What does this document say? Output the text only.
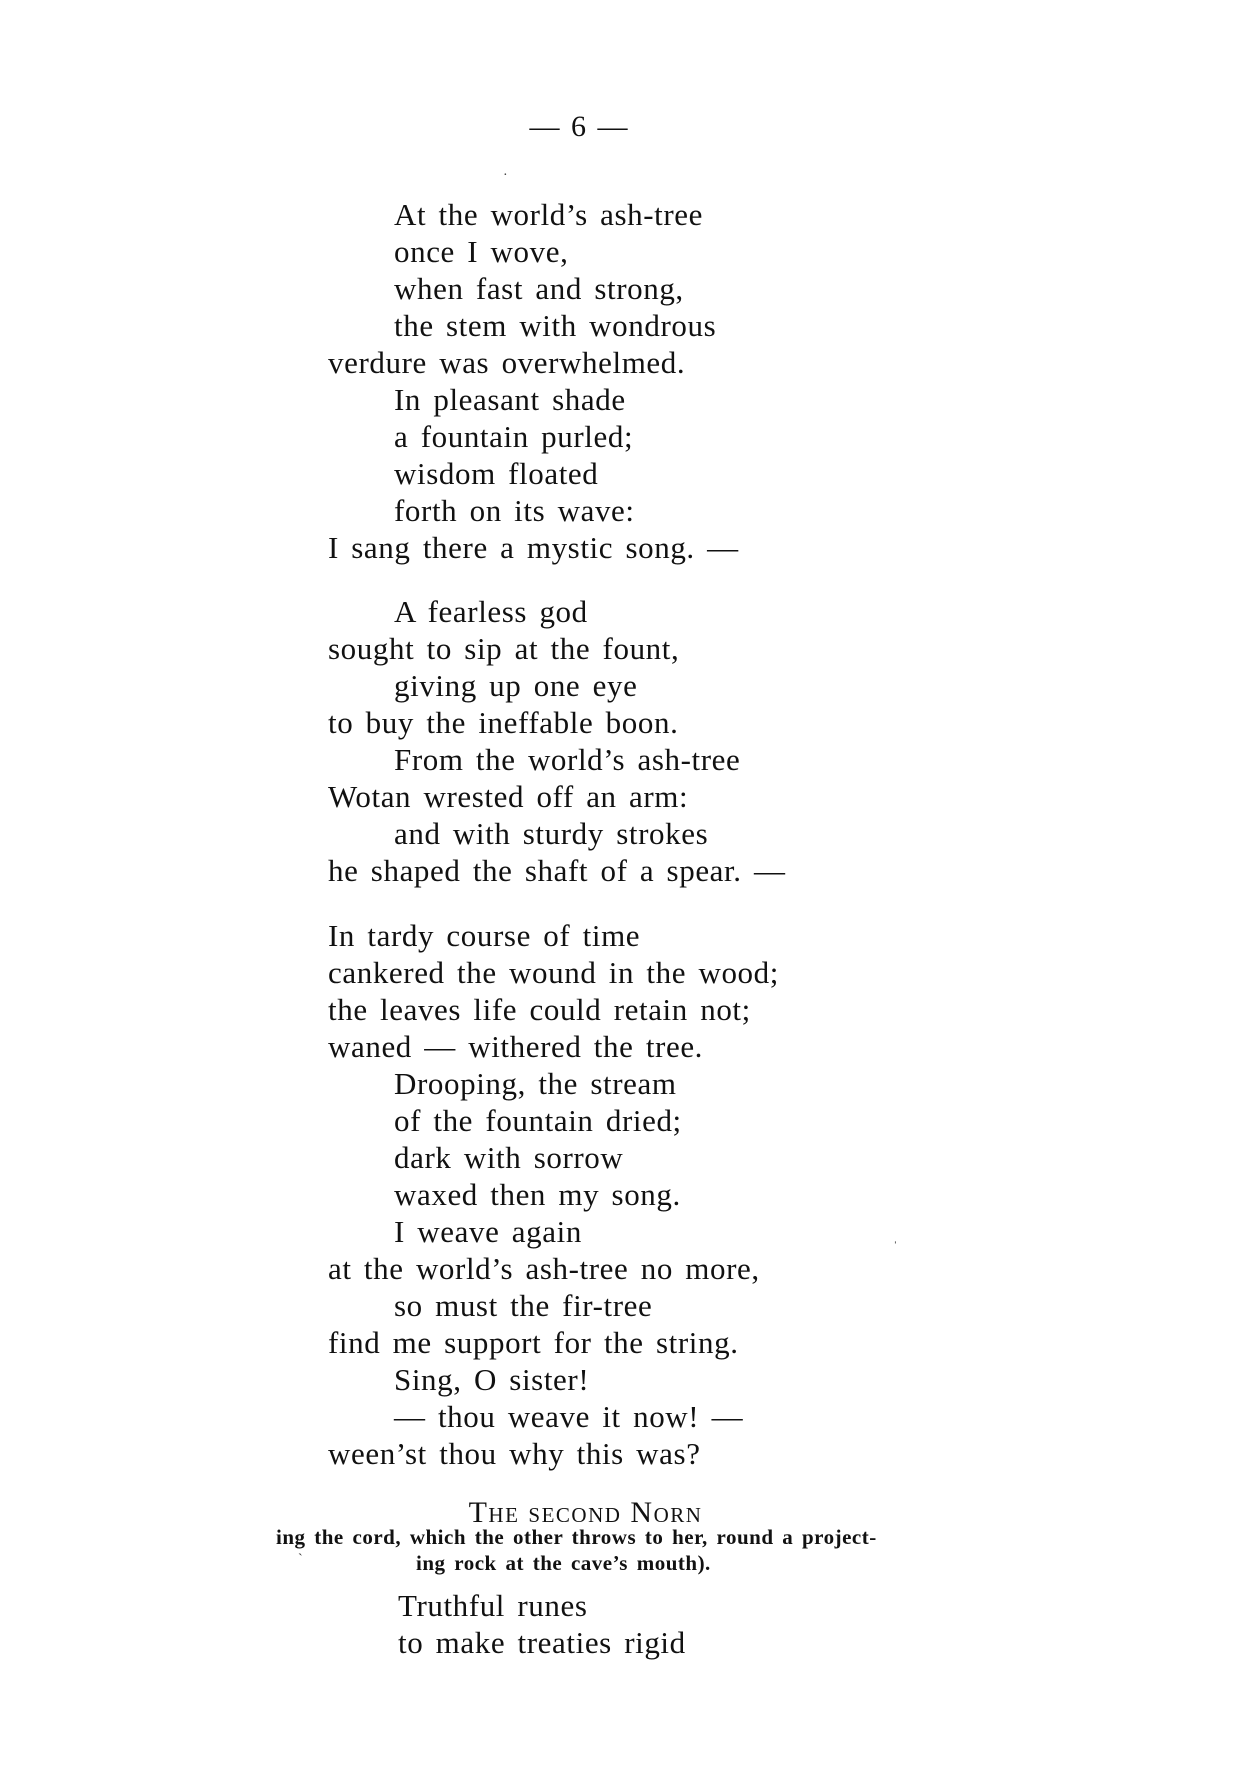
— 6 —
·
At the world’s ash-tree
once I wove,
when fast and strong,
the stem with wondrous
verdure was overwhelmed.
In pleasant shade
a fountain purled;
wisdom floated
forth on its wave:
I sang there a mystic song. —
A fearless god
sought to sip at the fount,
giving up one eye
to buy the ineffable boon.
From the world’s ash-tree
Wotan wrested off an arm:
and with sturdy strokes
he shaped the shaft of a spear. —
In tardy course of time
cankered the wound in the wood;
the leaves life could retain not;
waned — withered the tree.
Drooping, the stream
of the fountain dried;
dark with sorrow
waxed then my song.
I weave again
at the world’s ash-tree no more,
so must the fir-tree
find me support for the string.
Sing, O sister!
— thou weave it now! —
ween’st thou why this was?
ˈ
The second Norn
ing the cord, which the other throws to her, round a project-
ˋ	ing rock at the cave’s mouth).
Truthful runes
to make treaties rigid
